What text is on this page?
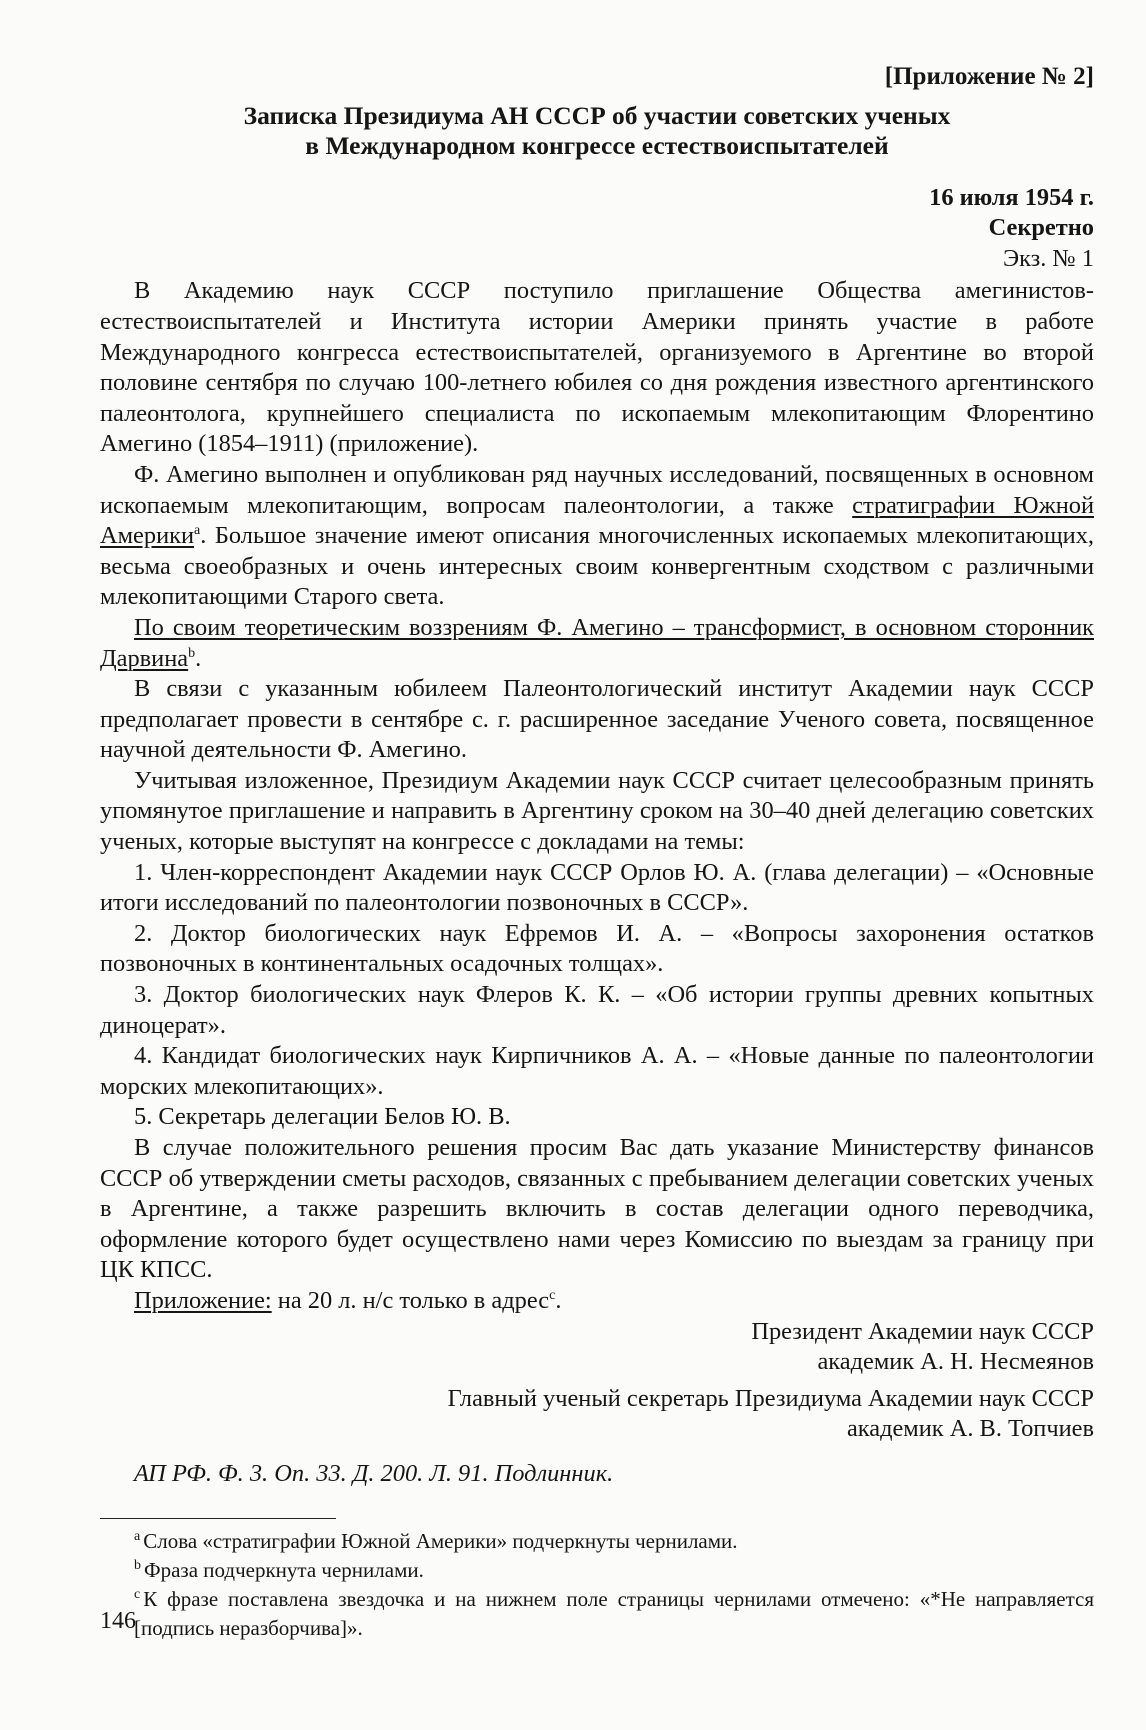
[Приложение № 2]
Записка Президиума АН СССР об участии советских ученых
в Международном конгрессе естествоиспытателей
16 июля 1954 г.
Секретно
Экз. № 1

В Академию наук СССР поступило приглашение Общества амегинистов-естествоиспытателей и Института истории Америки принять участие в работе Международного конгресса естествоиспытателей, организуемого в Аргентине во второй половине сентября по случаю 100-летнего юбилея со дня рождения известного аргентинского палеонтолога, крупнейшего специалиста по ископаемым млекопитающим Флорентино Амегино (1854–1911) (приложение).

Ф. Амегино выполнен и опубликован ряд научных исследований, посвященных в основном ископаемым млекопитающим, вопросам палеонтологии, а также стратиграфии Южной Америки$^a$. Большое значение имеют описания многочисленных ископаемых млекопитающих, весьма своеобразных и очень интересных своим конвергентным сходством с различными млекопитающими Старого света.

По своим теоретическим воззрениям Ф. Амегино – трансформист, в основном сторонник Дарвина$^b$.

В связи с указанным юбилеем Палеонтологический институт Академии наук СССР предполагает провести в сентябре с. г. расширенное заседание Ученого совета, посвященное научной деятельности Ф. Амегино.

Учитывая изложенное, Президиум Академии наук СССР считает целесообразным принять упомянутое приглашение и направить в Аргентину сроком на 30–40 дней делегацию советских ученых, которые выступят на конгрессе с докладами на темы:

1. Член-корреспондент Академии наук СССР Орлов Ю. А. (глава делегации) – «Основные итоги исследований по палеонтологии позвоночных в СССР».

2. Доктор биологических наук Ефремов И. А. – «Вопросы захоронения остатков позвоночных в континентальных осадочных толщах».

3. Доктор биологических наук Флеров К. К. – «Об истории группы древних копытных диноцерат».

4. Кандидат биологических наук Кирпичников А. А. – «Новые данные по палеонтологии морских млекопитающих».

5. Секретарь делегации Белов Ю. В.

В случае положительного решения просим Вас дать указание Министерству финансов СССР об утверждении сметы расходов, связанных с пребыванием делегации советских ученых в Аргентине, а также разрешить включить в состав делегации одного переводчика, оформление которого будет осуществлено нами через Комиссию по выездам за границу при ЦК КПСС.

Приложение: на 20 л. н/с только в адрес$^c$.

Президент Академии наук СССР
академик А. Н. Несмеянов
Главный ученый секретарь Президиума Академии наук СССР
академик А. В. Топчиев
АП РФ. Ф. 3. Оп. 33. Д. 200. Л. 91. Подлинник.

$^a$ Слова «стратиграфии Южной Америки» подчеркнуты чернилами.

$^b$ Фраза подчеркнута чернилами.

$^c$ К фразе поставлена звездочка и на нижнем поле страницы чернилами отмечено: «*Не направляется [подпись неразборчива]».

146
